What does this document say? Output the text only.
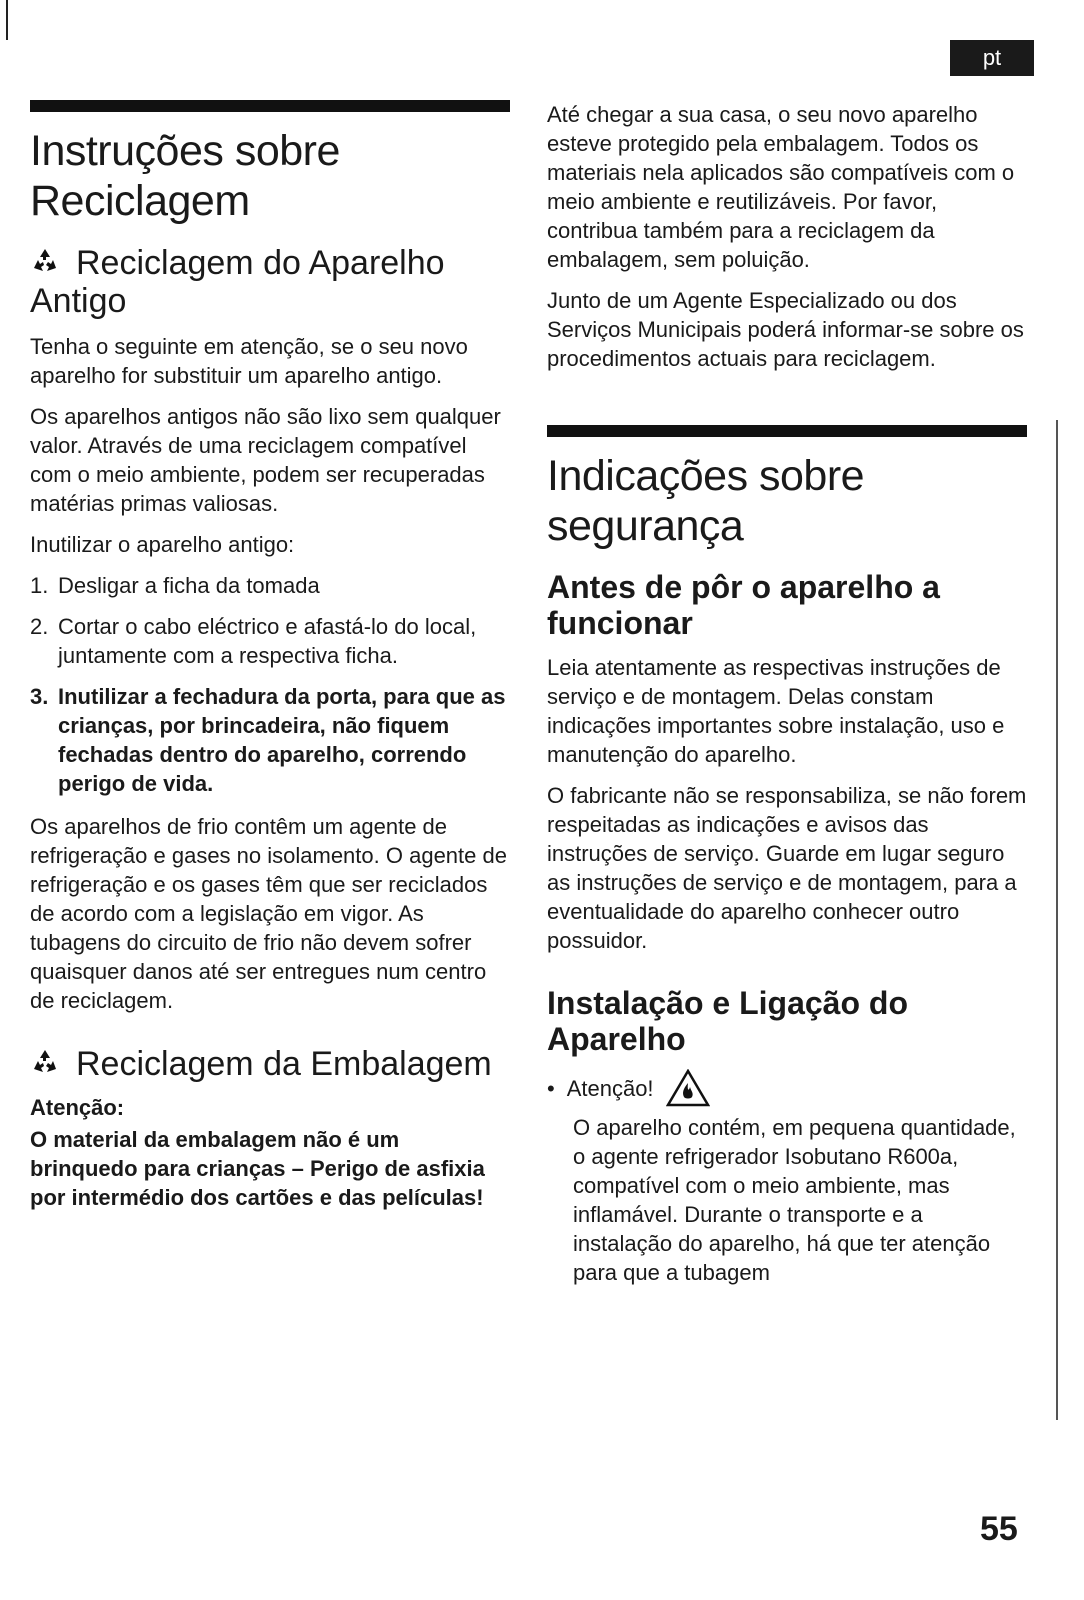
pt
Instruções sobre Reciclagem
Reciclagem do Aparelho Antigo

Tenha o seguinte em atenção, se o seu novo aparelho for substituir um aparelho antigo.

Os aparelhos antigos não são lixo sem qualquer valor. Através de uma reciclagem compatível com o meio ambiente, podem ser recuperadas matérias primas valiosas.

Inutilizar o aparelho antigo:

1. Desligar a ficha da tomada
2. Cortar o cabo eléctrico e afastá-lo do local, juntamente com a respectiva ficha.
3. Inutilizar a fechadura da porta, para que as crianças, por brincadeira, não fiquem fechadas dentro do aparelho, correndo perigo de vida.

Os aparelhos de frio contêm um agente de refrigeração e gases no isolamento. O agente de refrigeração e os gases têm que ser reciclados de acordo com a legislação em vigor. As tubagens do circuito de frio não devem sofrer quaisquer danos até ser entregues num centro de reciclagem.

Reciclagem da Embalagem
Atenção:

O material da embalagem não é um brinquedo para crianças – Perigo de asfixia por intermédio dos cartões e das películas!

Até chegar a sua casa, o seu novo aparelho esteve protegido pela embalagem. Todos os materiais nela aplicados são compatíveis com o meio ambiente e reutilizáveis. Por favor, contribua também para a reciclagem da embalagem, sem poluição.

Junto de um Agente Especializado ou dos Serviços Municipais poderá informar-se sobre os procedimentos actuais para reciclagem.

Indicações sobre segurança
Antes de pôr o aparelho a funcionar

Leia atentamente as respectivas instruções de serviço e de montagem. Delas constam indicações importantes sobre instalação, uso e manutenção do aparelho.

O fabricante não se responsabiliza, se não forem respeitadas as indicações e avisos das instruções de serviço. Guarde em lugar seguro as instruções de serviço e de montagem, para a eventualidade do aparelho conhecer outro possuidor.

Instalação e Ligação do Aparelho
• Atenção!

O aparelho contém, em pequena quantidade, o agente refrigerador Isobutano R600a, compatível com o meio ambiente, mas inflamável. Durante o transporte e a instalação do aparelho, há que ter atenção para que a tubagem

55
